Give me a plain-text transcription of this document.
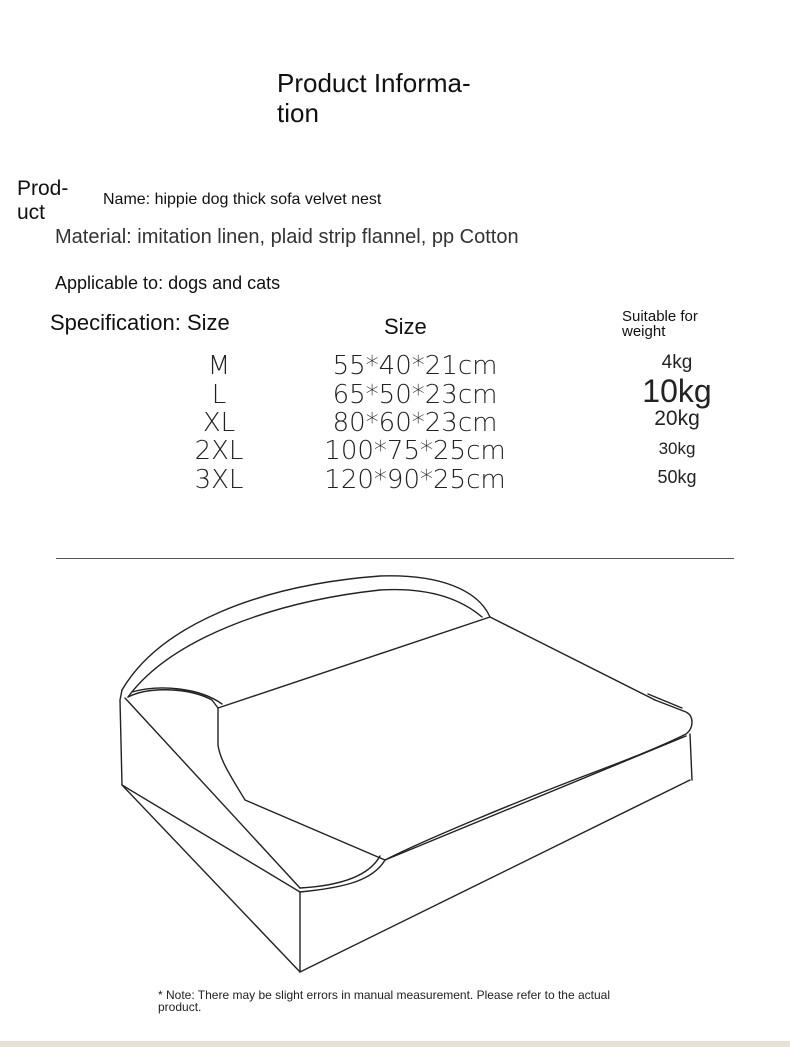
Product Informa-
tion
Prod-
uct
Name: hippie dog thick sofa velvet nest
Material: imitation linen, plaid strip flannel, pp Cotton
Applicable to: dogs and cats
Specification: Size	Size	Suitable for
weight
M	55*40*21cm	4kg
L	65*50*23cm	10kg
XL	80*60*23cm	20kg
2XL	100*75*25cm	30kg
3XL	120*90*25cm	50kg
* Note: There may be slight errors in manual measurement. Please refer to the actual
product.
